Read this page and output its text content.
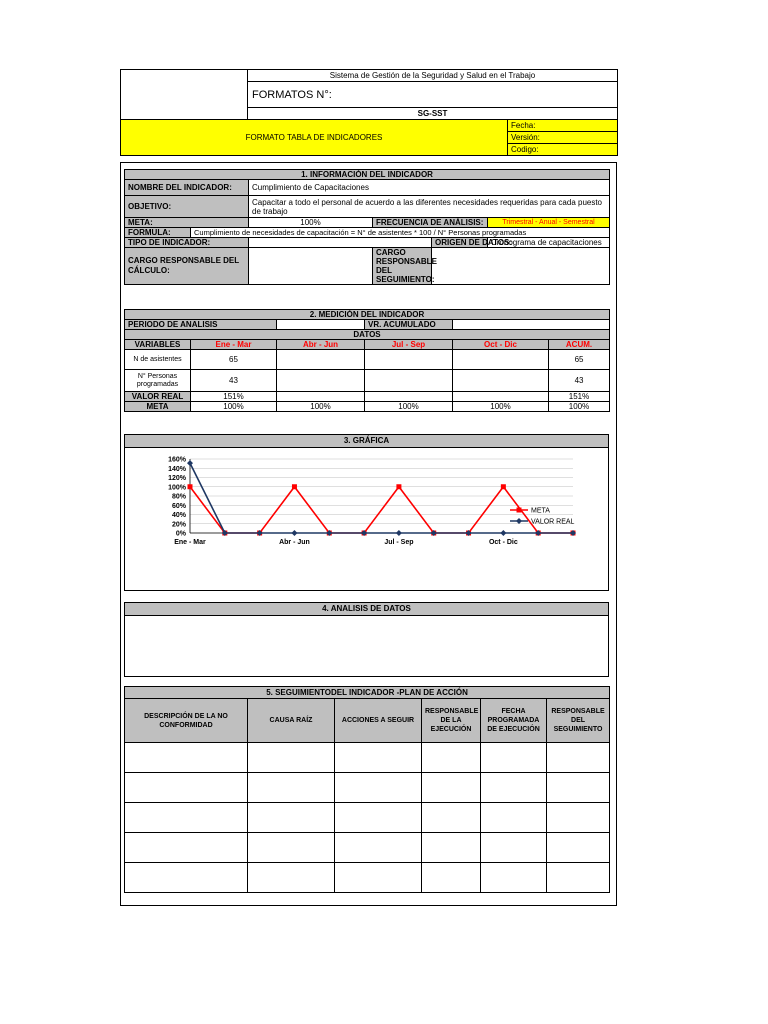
	Sistema de Gestión de la Seguridad y Salud en el Trabajo	
	FORMATOS N°:	
	SG-SST	
FORMATO TABLA DE INDICADORES		Fecha:
		Versión:
		Codigo:
1. INFORMACIÓN DEL INDICADOR					
NOMBRE DEL INDICADOR:		Cumplimiento de Capacitaciones			
OBJETIVO:		Capacitar a todo el personal de acuerdo a las diferentes necesidades requeridas para cada puesto de trabajo			
META:		100%	FRECUENCIA DE ANÁLISIS:		Trimestral - Anual - Semestral
FORMULA:	Cumplimiento de necesidades de capacitación = N° de asistentes * 100 / N° Personas programadas				
TIPO DE INDICADOR:				ORIGEN DE DATOS:	Cronograma de capacitaciones
CARGO RESPONSABLE DEL CÁLCULO:			CARGO RESPONSABLE DEL SEGUIMIENTO:		
2. MEDICIÓN DEL INDICADOR					
PERIODO DE ANALISIS			VR. ACUMULADO		
DATOS					
VARIABLES	Ene - Mar	Abr - Jun	Jul - Sep	Oct - Dic	ACUM.
N de asistentes	65				65
N° Personas programadas	43				43
VALOR REAL	151%				151%
META	100%	100%	100%	100%	100%
3. GRÁFICA
0%
20%
40%
60%
80%
100%
120%
140%
160%
Ene - Mar	Abr - Jun	Jul - Sep	Oct - Dic
META
VALOR REAL
4. ANALISIS DE DATOS
5. SEGUIMIENTODEL INDICADOR -PLAN DE ACCIÓN					
DESCRIPCIÓN DE LA NO CONFORMIDAD	CAUSA RAÍZ	ACCIONES A SEGUIR	RESPONSABLE DE LA EJECUCIÓN	FECHA PROGRAMADA DE EJECUCIÓN	RESPONSABLE DEL SEGUIMIENTO
